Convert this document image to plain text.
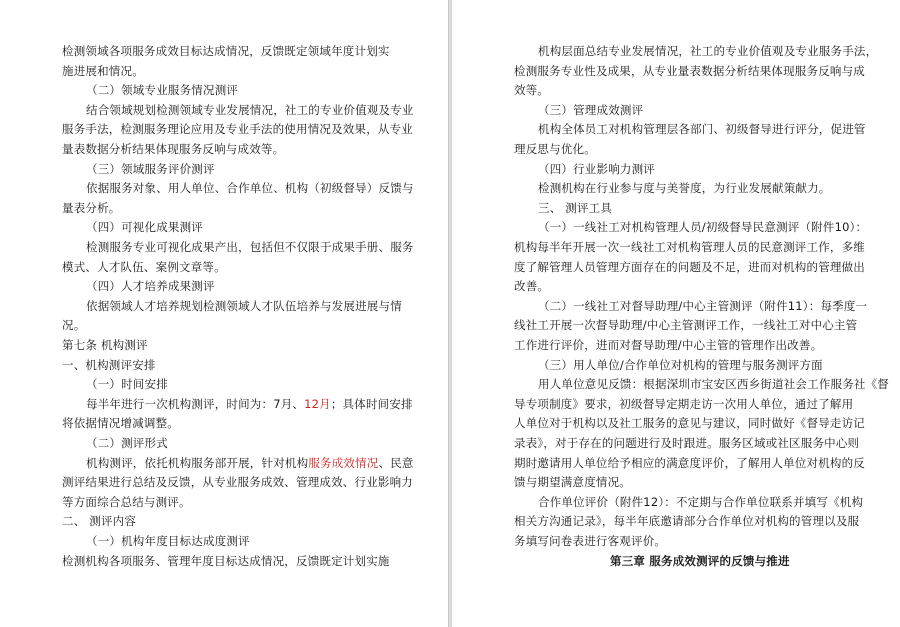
检测领域各项服务成效目标达成情况，反馈既定领域年度计划实
施进展和情况。
（二）领域专业服务情况测评
结合领域规划检测领域专业发展情况，社工的专业价值观及专业
服务手法，检测服务理论应用及专业手法的使用情况及效果，从专业
量表数据分析结果体现服务反响与成效等。
（三）领域服务评价测评
依据服务对象、用人单位、合作单位、机构（初级督导）反馈与
量表分析。
（四）可视化成果测评
检测服务专业可视化成果产出，包括但不仅限于成果手册、服务
模式、人才队伍、案例文章等。
（四）人才培养成果测评
依据领域人才培养规划检测领域人才队伍培养与发展进展与情
况。
第七条 机构测评
一、机构测评安排
（一）时间安排
每半年进行一次机构测评，时间为：7月、12月；具体时间安排
将依据情况增减调整。
（二）测评形式
机构测评，依托机构服务部开展，针对机构服务成效情况、民意
测评结果进行总结及反馈，从专业服务成效、管理成效、行业影响力
等方面综合总结与测评。
二、 测评内容
（一）机构年度目标达成度测评
检测机构各项服务、管理年度目标达成情况，反馈既定计划实施
机构层面总结专业发展情况，社工的专业价值观及专业服务手法，
检测服务专业性及成果，从专业量表数据分析结果体现服务反响与成
效等。
（三）管理成效测评
机构全体员工对机构管理层各部门、初级督导进行评分，促进管
理反思与优化。
（四）行业影响力测评
检测机构在行业参与度与美誉度，为行业发展献策献力。
三、 测评工具
（一）一线社工对机构管理人员/初级督导民意测评（附件10）：
机构每半年开展一次一线社工对机构管理人员的民意测评工作，多维
度了解管理人员管理方面存在的问题及不足，进而对机构的管理做出
改善。
（二）一线社工对督导助理/中心主管测评（附件11）：每季度一
线社工开展一次督导助理/中心主管测评工作，一线社工对中心主管
工作进行评价，进而对督导助理/中心主管的管理作出改善。
（三）用人单位/合作单位对机构的管理与服务测评方面
用人单位意见反馈：根据深圳市宝安区西乡街道社会工作服务社《督
导专项制度》要求，初级督导定期走访一次用人单位，通过了解用
人单位对于机构以及社工服务的意见与建议，同时做好《督导走访记
录表》，对于存在的问题进行及时跟进。服务区域或社区服务中心则
期时邀请用人单位给予相应的满意度评价，了解用人单位对机构的反
馈与期望满意度情况。
合作单位评价（附件12）：不定期与合作单位联系并填写《机构
相关方沟通记录》，每半年底邀请部分合作单位对机构的管理以及服
务填写问卷表进行客观评价。
第三章 服务成效测评的反馈与推进
